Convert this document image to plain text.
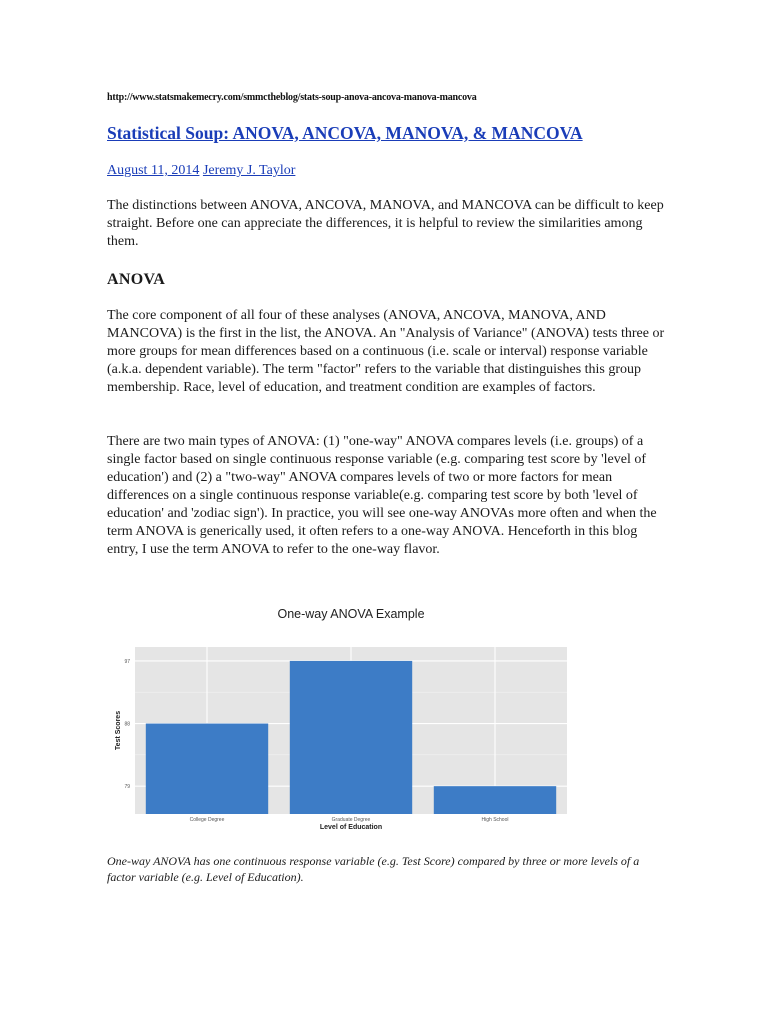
http://www.statsmakemecry.com/smmctheblog/stats-soup-anova-ancova-manova-mancova
Statistical Soup: ANOVA, ANCOVA, MANOVA, & MANCOVA
August 11, 2014 Jeremy J. Taylor

The distinctions between ANOVA, ANCOVA, MANOVA, and MANCOVA can be difficult to keep straight. Before one can appreciate the differences, it is helpful to review the similarities among them.

ANOVA

The core component of all four of these analyses (ANOVA, ANCOVA, MANOVA, AND MANCOVA) is the first in the list, the ANOVA. An "Analysis of Variance" (ANOVA) tests three or more groups for mean differences based on a continuous (i.e. scale or interval) response variable (a.k.a. dependent variable). The term "factor" refers to the variable that distinguishes this group membership. Race, level of education, and treatment condition are examples of factors.

There are two main types of ANOVA: (1) "one-way" ANOVA compares levels (i.e. groups) of a single factor based on single continuous response variable (e.g. comparing test score by 'level of education') and (2) a "two-way" ANOVA compares levels of two or more factors for mean differences on a single continuous response variable(e.g. comparing test score by both 'level of education' and 'zodiac sign'). In practice, you will see one-way ANOVAs more often and when the term ANOVA is generically used, it often refers to a one-way ANOVA. Henceforth in this blog entry, I use the term ANOVA to refer to the one-way flavor.

One-way ANOVA Example
79
88
97
College Degree	Graduate Degree	High School
Level of Education
Test Scores

One-way ANOVA has one continuous response variable (e.g. Test Score) compared by three or more levels of a factor variable (e.g. Level of Education).
